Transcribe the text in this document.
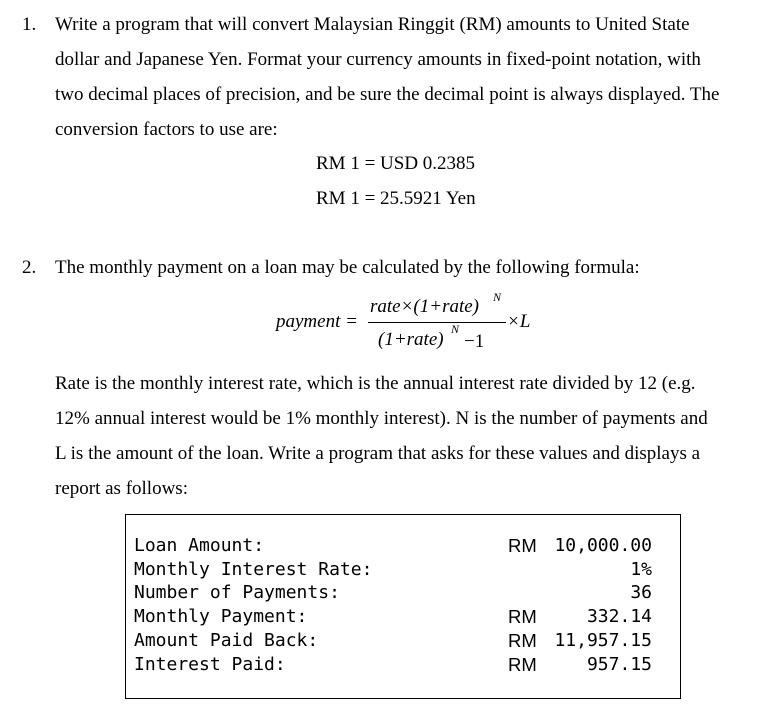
1. Write a program that will convert Malaysian Ringgit (RM) amounts to United State
dollar and Japanese Yen. Format your currency amounts in fixed-point notation, with
two decimal places of precision, and be sure the decimal point is always displayed. The
conversion factors to use are:
RM 1 = USD 0.2385
RM 1 = 25.5921 Yen
2. The monthly payment on a loan may be calculated by the following formula:
payment =
rate×(1+rate) N
(1+rate) N
−1
×L
Rate is the monthly interest rate, which is the annual interest rate divided by 12 (e.g.
12% annual interest would be 1% monthly interest). N is the number of payments and
L is the amount of the loan. Write a program that asks for these values and displays a
report as follows:
Loan Amount:
Monthly Interest Rate:
Number of Payments:
Monthly Payment:
Amount Paid Back:
Interest Paid:
RM
RM
RM
RM
10,000.00
1%
36
332.14
11,957.15
957.15
